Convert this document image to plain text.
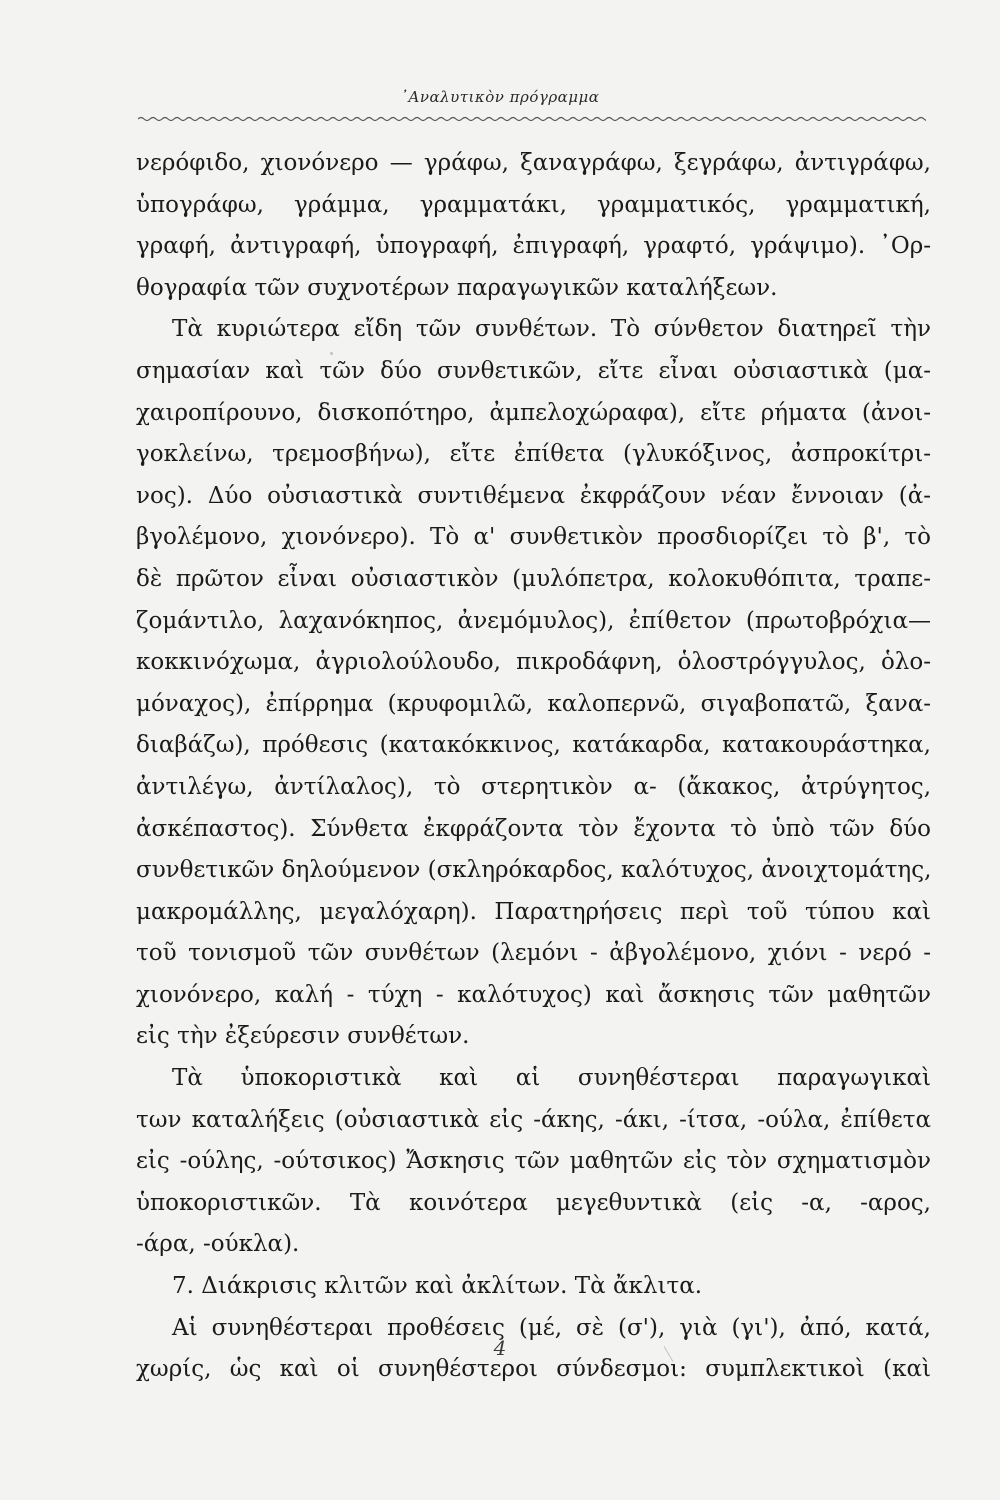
᾿Αναλυτικὸν πρόγραμμα
νερόφιδο, χιονόνερο — γράφω, ξαναγράφω, ξεγράφω, ἀντιγράφω,
ὑπογράφω, γράμμα, γραμματάκι, γραμματικός, γραμματική,
γραφή, ἀντιγραφή, ὑπογραφή, ἐπιγραφή, γραφτό, γράψιμο). ᾿Ορ-
θογραφία τῶν συχνοτέρων παραγωγικῶν καταλήξεων.
Τὰ κυριώτερα εἴδη τῶν συνθέτων. Τὸ σύνθετον διατηρεῖ τὴν
σημασίαν καὶ τῶν δύο συνθετικῶν, εἴτε εἶναι οὐσιαστικὰ (μα-
χαιροπίρουνο, δισκοπότηρο, ἀμπελοχώραφα), εἴτε ρήματα (ἀνοι-
γοκλείνω, τρεμοσβήνω), εἴτε ἐπίθετα (γλυκόξινος, ἀσπροκίτρι-
νος). Δύο οὐσιαστικὰ συντιθέμενα ἐκφράζουν νέαν ἔννοιαν (ἀ-
βγολέμονο, χιονόνερο). Τὸ α' συνθετικὸν προσδιορίζει τὸ β', τὸ
δὲ πρῶτον εἶναι οὐσιαστικὸν (μυλόπετρα, κολοκυθόπιτα, τραπε-
ζομάντιλο, λαχανόκηπος, ἀνεμόμυλος), ἐπίθετον (πρωτοβρόχια—
κοκκινόχωμα, ἀγριολούλουδο, πικροδάφνη, ὁλοστρόγγυλος, ὁλο-
μόναχος), ἐπίρρημα (κρυφομιλῶ, καλοπερνῶ, σιγαβοπατῶ, ξανα-
διαβάζω), πρόθεσις (κατακόκκινος, κατάκαρδα, κατακουράστηκα,
ἀντιλέγω, ἀντίλαλος), τὸ στερητικὸν α- (ἄκακος, ἀτρύγητος,
ἀσκέπαστος). Σύνθετα ἐκφράζοντα τὸν ἔχοντα τὸ ὑπὸ τῶν δύο
συνθετικῶν δηλούμενον (σκληρόκαρδος, καλότυχος, ἀνοιχτομάτης,
μακρομάλλης, μεγαλόχαρη). Παρατηρήσεις περὶ τοῦ τύπου καὶ
τοῦ τονισμοῦ τῶν συνθέτων (λεμόνι - ἀβγολέμονο, χιόνι - νερό -
χιονόνερο, καλή - τύχη - καλότυχος) καὶ ἄσκησις τῶν μαθητῶν
εἰς τὴν ἐξεύρεσιν συνθέτων.
Τὰ ὑποκοριστικὰ καὶ αἱ συνηθέστεραι παραγωγικαὶ
των καταλήξεις (οὐσιαστικὰ εἰς -άκης, -άκι, -ίτσα, -ούλα, ἐπίθετα
εἰς -ούλης, -ούτσικος) Ἄσκησις τῶν μαθητῶν εἰς τὸν σχηματισμὸν
ὑποκοριστικῶν. Τὰ κοινότερα μεγεθυντικὰ (εἰς -α, -αρος,
-άρα, -ούκλα).
7. Διάκρισις κλιτῶν καὶ ἀκλίτων. Τὰ ἄκλιτα.
Αἱ συνηθέστεραι προθέσεις (μέ, σὲ (σ'), γιὰ (γι'), ἀπό, κατά,
χωρίς, ὡς καὶ οἱ συνηθέστεροι σύνδεσμοι: συμπλεκτικοὶ (καὶ
4
